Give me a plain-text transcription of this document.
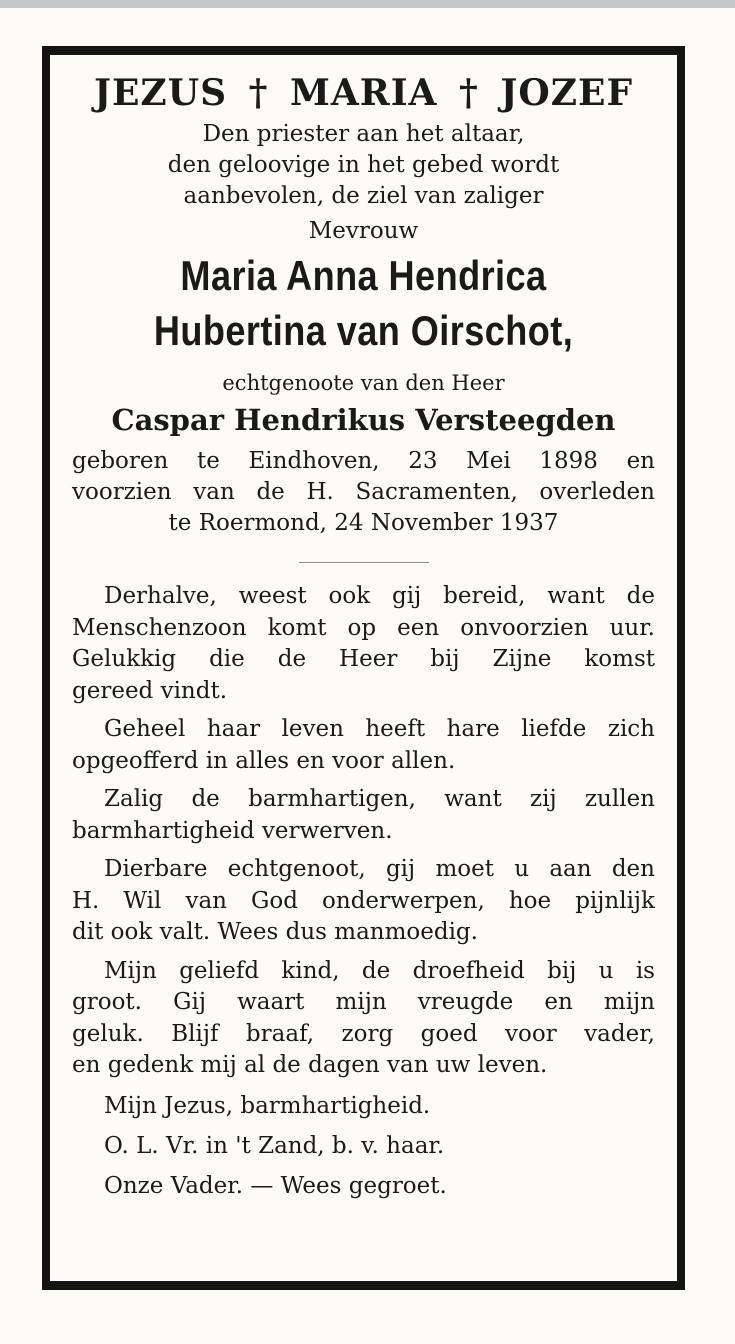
JEZUS † MARIA † JOZEF
Den priester aan het altaar,
den geloovige in het gebed wordt
aanbevolen, de ziel van zaliger
Mevrouw
Maria Anna Hendrica
Hubertina van Oirschot,
echtgenoote van den Heer
Caspar Hendrikus Versteegden
geboren te Eindhoven, 23 Mei 1898 en
voorzien van de H. Sacramenten, overleden
te Roermond, 24 November 1937
Derhalve, weest ook gij bereid, want de
Menschenzoon komt op een onvoorzien uur.
Gelukkig die de Heer bij Zijne komst
gereed vindt.
Geheel haar leven heeft hare liefde zich
opgeofferd in alles en voor allen.
Zalig de barmhartigen, want zij zullen
barmhartigheid verwerven.
Dierbare echtgenoot, gij moet u aan den
H. Wil van God onderwerpen, hoe pijnlijk
dit ook valt. Wees dus manmoedig.
Mijn geliefd kind, de droefheid bij u is
groot. Gij waart mijn vreugde en mijn
geluk. Blijf braaf, zorg goed voor vader,
en gedenk mij al de dagen van uw leven.
Mijn Jezus, barmhartigheid.
O. L. Vr. in 't Zand, b. v. haar.
Onze Vader. — Wees gegroet.
